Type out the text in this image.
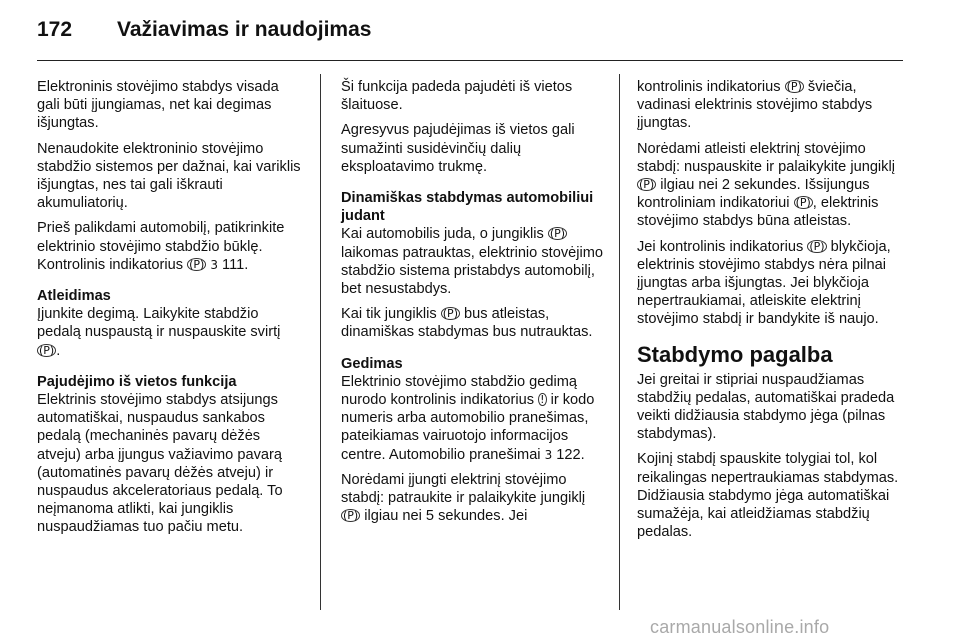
172	Važiavimas ir naudojimas

Elektroninis stovėjimo stabdys visada gali būti įjungiamas, net kai degimas išjungtas.

Nenaudokite elektroninio stovėjimo stabdžio sistemos per dažnai, kai variklis išjungtas, nes tai gali iškrauti akumuliatorių.

Prieš palikdami automobilį, patikrinkite elektrinio stovėjimo stabdžio būklę. Kontrolinis indikatorius (P) 3 111.

Atleidimas

Įjunkite degimą. Laikykite stabdžio pedalą nuspaustą ir nuspauskite svirtį (P) .

Pajudėjimo iš vietos funkcija

Elektrinis stovėjimo stabdys atsijungs automatiškai, nuspaudus sankabos pedalą (mechaninės pavarų dėžės atveju) arba įjungus važiavimo pavarą (automatinės pavarų dėžės atveju) ir nuspaudus akceleratoriaus pedalą. To neįmanoma atlikti, kai jungiklis nuspaudžiamas tuo pačiu metu.

Ši funkcija padeda pajudėti iš vietos šlaituose.

Agresyvus pajudėjimas iš vietos gali sumažinti susidėvinčių dalių eksploatavimo trukmę.

Dinamiškas stabdymas automobiliui judant

Kai automobilis juda, o jungiklis (P) laikomas patrauktas, elektrinio stovėjimo stabdžio sistema pristabdys automobilį, bet nesustabdys.

Kai tik jungiklis (P) bus atleistas, dinamiškas stabdymas bus nutrauktas.

Gedimas

Elektrinio stovėjimo stabdžio gedimą nurodo kontrolinis indikatorius ! ir kodo numeris arba automobilio pranešimas, pateikiamas vairuotojo informacijos centre. Automobilio pranešimai 3 122.

Norėdami įjungti elektrinį stovėjimo stabdį: patraukite ir palaikykite jungiklį (P) ilgiau nei 5 sekundes. Jei

kontrolinis indikatorius (P) šviečia, vadinasi elektrinis stovėjimo stabdys įjungtas.

Norėdami atleisti elektrinį stovėjimo stabdį: nuspauskite ir palaikykite jungiklį (P) ilgiau nei 2 sekundes. Išsijungus kontroliniam indikatoriui (P) , elektrinis stovėjimo stabdys būna atleistas.

Jei kontrolinis indikatorius (P) blykčioja, elektrinis stovėjimo stabdys nėra pilnai įjungtas arba išjungtas. Jei blykčioja nepertraukiamai, atleiskite elektrinį stovėjimo stabdį ir bandykite iš naujo.

Stabdymo pagalba

Jei greitai ir stipriai nuspaudžiamas stabdžių pedalas, automatiškai pradeda veikti didžiausia stabdymo jėga (pilnas stabdymas).

Kojinį stabdį spauskite tolygiai tol, kol reikalingas nepertraukiamas stabdymas. Didžiausia stabdymo jėga automatiškai sumažėja, kai atleidžiamas stabdžių pedalas.

carmanualsonline.info
